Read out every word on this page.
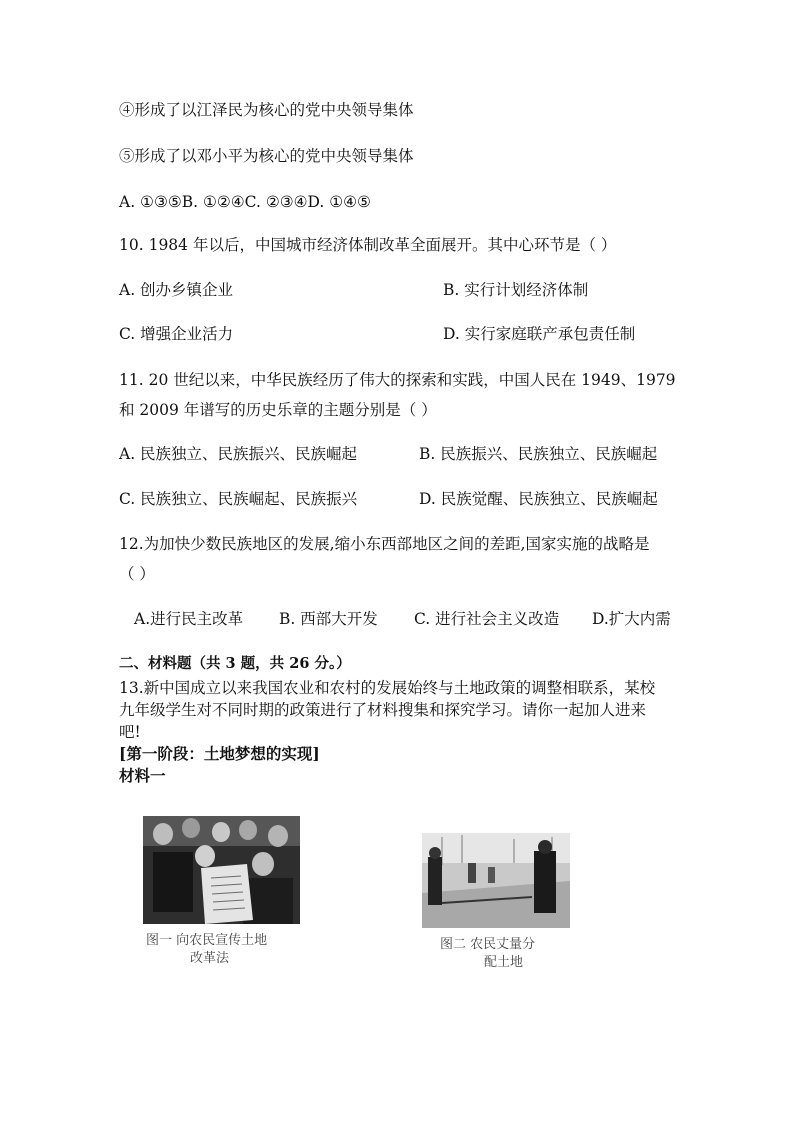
④形成了以江泽民为核心的党中央领导集体
⑤形成了以邓小平为核心的党中央领导集体
A. ①③⑤B. ①②④C. ②③④D. ①④⑤
10. 1984 年以后，中国城市经济体制改革全面展开。其中心环节是（ ）
A. 创办乡镇企业	B. 实行计划经济体制
C. 增强企业活力	D. 实行家庭联产承包责任制
11. 20 世纪以来，中华民族经历了伟大的探索和实践，中国人民在 1949、1979
和 2009 年谱写的历史乐章的主题分别是（ ）
A. 民族独立、民族振兴、民族崛起	B. 民族振兴、民族独立、民族崛起
C. 民族独立、民族崛起、民族振兴	D. 民族觉醒、民族独立、民族崛起
12.为加快少数民族地区的发展,缩小东西部地区之间的差距,国家实施的战略是
（ ）
A.进行民主改革 B. 西部大开发 C. 进行社会主义改造 D.扩大内需
二、材料题（共 3 题，共 26 分。）
13.新中国成立以来我国农业和农村的发展始终与土地政策的调整相联系，某校
九年级学生对不同时期的政策进行了材料搜集和探究学习。请你一起加人进来
吧!
[第一阶段：土地梦想的实现]
材料一
图一 向农民宣传土地
改革法
图二 农民丈量分
配土地
